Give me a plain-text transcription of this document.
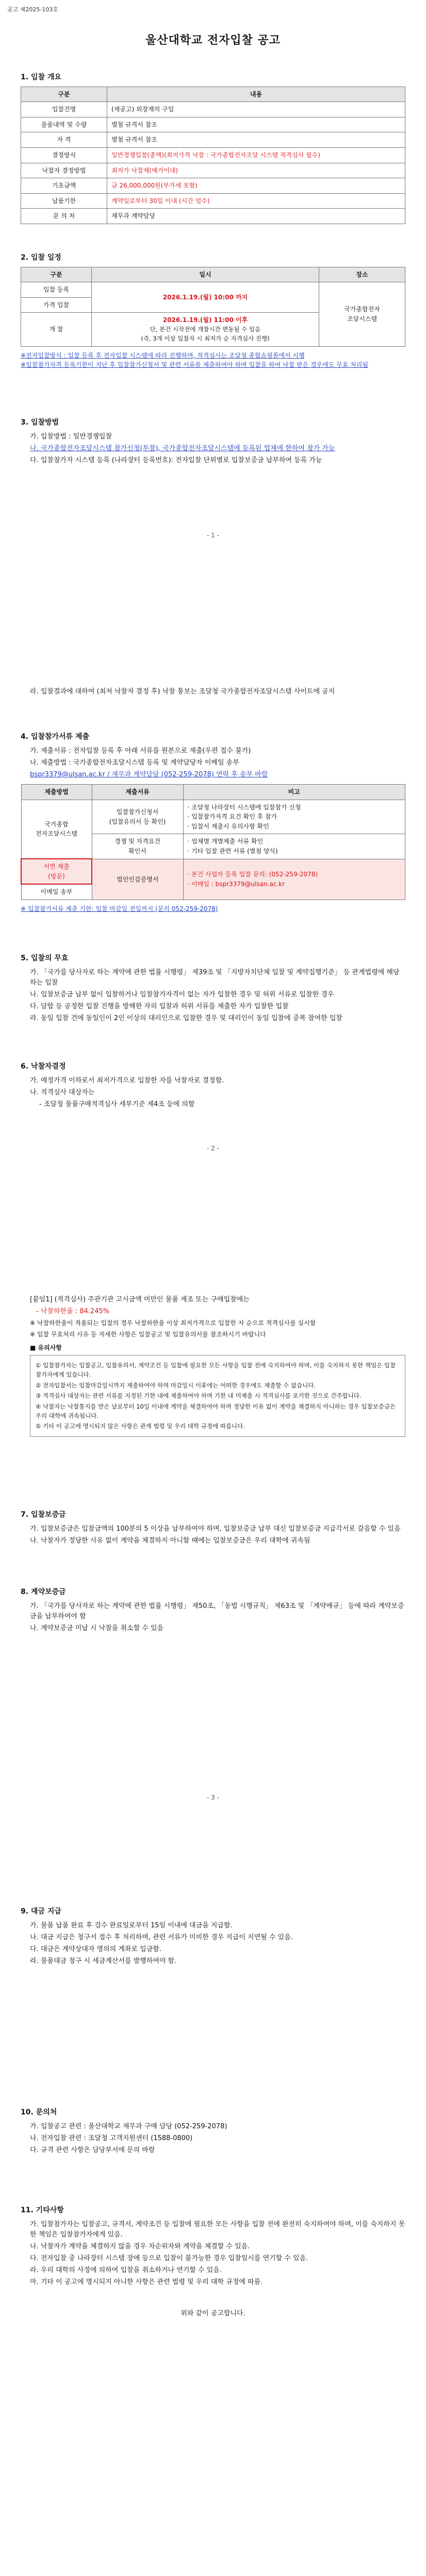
공고 제2025-103호
울산대학교 전자입찰 공고
1. 입찰 개요
구분	내용
입찰건명	(재공고) 외장재의 구입
물품내역 및 수량	별첨 규격서 참조
자 격	별첨 규격서 참조
결정방식	일반경쟁입찰(총액)(최저가격 낙찰 : 국가종합전자조달 시스템 적격심사 필수)
낙찰자 결정방법	최저가 낙찰제(예가이내)
기초금액	금 26,000,000원(부가세 포함)
납품기한	계약일로부터 30일 이내 (시간 엄수)
문 의 처	재무과 계약담당
2. 입찰 일정
구분	일시	장소
입찰 등록	2026.1.19.(월) 10:00 까지	국가종합전자
조달시스템
가격 입찰		
개 찰	2026.1.19.(월) 11:00 이후
단, 본건 시작전에 개찰시간 변동될 수 있음
(즉, 3개 이상 입찰자 시 최저가 순 자격심사 진행)	
※전자입찰방식 : 입찰 등록 후 전자입찰 시스템에 따라 진행하며, 적격심사는 조달청 종합쇼핑몰에서 시행
※입찰참가자격 등록기한이 지난 후 입찰참가신청서 및 관련 서류를 제출하여야 하며 입찰을 하여 낙찰 받은 경우에도 무효 처리됨
3. 입찰방법
가. 입찰방법 : 일반경쟁입찰
나. 국가종합전자조달시스템 참가신청(투찰), 국가종합전자조달시스템에 등록된 업체에 한하여 참가 가능
다. 입찰참가자 시스템 등록 (나라장터 등록번호): 전자입찰 단위별로 입찰보증금 납부하여 등록 가능
- 1 -
라. 입찰결과에 대하여 (최저 낙찰자 결정 후) 낙찰 통보는 조달청 국가종합전자조달시스템 사이트에 공지
4. 입찰참가서류 제출
가. 제출서류 : 전자입찰 등록 후 아래 서류를 원본으로 제출(우편 접수 불가)
나. 제출방법 : 국가종합전자조달시스템 등록 및 계약담당자 이메일 송부
bspr3379@ulsan.ac.kr / 재무과 계약담당 (052-259-2078) 연락 후 송부 바람
제출방법	제출서류	비고
국가종합
전자조달시스템	입찰참가신청서
(입찰유의서 등 확인)	· 조달청 나라장터 시스템에 입찰참가 신청
· 입찰참가자격 요건 확인 후 참가
· 입찰서 제출시 유의사항 확인
	경쟁 및 자격요건
확인서	· 업체별 개별제출 서류 확인
· 기타 입찰 관련 서류 (별첨 양식)
서면 제출
(방문)	법인인감증명서	· 본건 사업자 등록 입찰 문의: (052-259-2078)
· 이메일 : bspr3379@ulsan.ac.kr
이메일 송부		
※ 입찰참가서류 제출 기한: 입찰 마감일 전일까지 (문의 052-259-2078)
5. 입찰의 무효
가. 「국가를 당사자로 하는 계약에 관한 법률 시행령」 제39조 및 「지방자치단체 입찰 및 계약집행기준」 등 관계법령에 해당하는 입찰
나. 입찰보증금 납부 없이 입찰하거나 입찰참가자격이 없는 자가 입찰한 경우 및 허위 서류로 입찰한 경우
다. 담합 등 공정한 입찰 진행을 방해한 자의 입찰과 허위 서류를 제출한 자가 입찰한 입찰
라. 동일 입찰 건에 동일인이 2인 이상의 대리인으로 입찰한 경우 및 대리인이 동일 입찰에 중복 참여한 입찰
6. 낙찰자결정
가. 예정가격 이하로서 최저가격으로 입찰한 자를 낙찰자로 결정함.
나. 적격심사 대상자는
- 조달청 물품구매적격심사 세부기준 제4조 등에 의함
- 2 -
[붙임1] (적격심사) 주관기관 고시금액 미만인 물품 제조 또는 구매입찰에는
- 낙찰하한율 : 84.245%
※ 낙찰하한율이 적용되는 입찰의 경우 낙찰하한율 이상 최저가격으로 입찰한 자 순으로 적격심사를 실시함
※ 입찰 무효처리 사유 등 자세한 사항은 입찰공고 및 입찰유의서를 참조하시기 바랍니다
■ 유의사항
① 입찰참가자는 입찰공고, 입찰유의서, 계약조건 등 입찰에 필요한 모든 사항을 입찰 전에 숙지하여야 하며, 이를 숙지하지 못한 책임은 입찰참가자에게 있습니다.
② 전자입찰서는 입찰마감일시까지 제출하여야 하며 마감일시 이후에는 어떠한 경우에도 제출할 수 없습니다.
③ 적격심사 대상자는 관련 서류를 지정된 기한 내에 제출하여야 하며 기한 내 미제출 시 적격심사를 포기한 것으로 간주합니다.
④ 낙찰자는 낙찰통지를 받은 날로부터 10일 이내에 계약을 체결하여야 하며 정당한 이유 없이 계약을 체결하지 아니하는 경우 입찰보증금은 우리 대학에 귀속됩니다.
⑤ 기타 이 공고에 명시되지 않은 사항은 관계 법령 및 우리 대학 규정에 따릅니다.
7. 입찰보증금
가. 입찰보증금은 입찰금액의 100분의 5 이상을 납부하여야 하며, 입찰보증금 납부 대신 입찰보증금 지급각서로 갈음할 수 있음
나. 낙찰자가 정당한 사유 없이 계약을 체결하지 아니할 때에는 입찰보증금은 우리 대학에 귀속됨
8. 계약보증금
가. 「국가를 당사자로 하는 계약에 관한 법률 시행령」 제50조, 「동법 시행규칙」 제63조 및 「계약예규」 등에 따라 계약보증금을 납부하여야 함
나. 계약보증금 미납 시 낙찰을 취소할 수 있음
- 3 -
9. 대금 지급
가. 물품 납품 완료 후 검수 완료일로부터 15일 이내에 대금을 지급함.
나. 대금 지급은 청구서 접수 후 처리하며, 관련 서류가 미비한 경우 지급이 지연될 수 있음.
다. 대금은 계약상대자 명의의 계좌로 입금함.
라. 물품대금 청구 시 세금계산서를 발행하여야 함.
10. 문의처
가. 입찰공고 관련 : 울산대학교 재무과 구매 담당 (052-259-2078)
나. 전자입찰 관련 : 조달청 고객지원센터 (1588-0800)
다. 규격 관련 사항은 담당부서에 문의 바람
11. 기타사항
가. 입찰참가자는 입찰공고, 규격서, 계약조건 등 입찰에 필요한 모든 사항을 입찰 전에 완전히 숙지하여야 하며, 이를 숙지하지 못한 책임은 입찰참가자에게 있음.
나. 낙찰자가 계약을 체결하지 않을 경우 차순위자와 계약을 체결할 수 있음.
다. 전자입찰 중 나라장터 시스템 장애 등으로 입찰이 불가능한 경우 입찰일시를 연기할 수 있음.
라. 우리 대학의 사정에 의하여 입찰을 취소하거나 연기할 수 있음.
마. 기타 이 공고에 명시되지 아니한 사항은 관련 법령 및 우리 대학 규정에 따름.
위와 같이 공고합니다.
